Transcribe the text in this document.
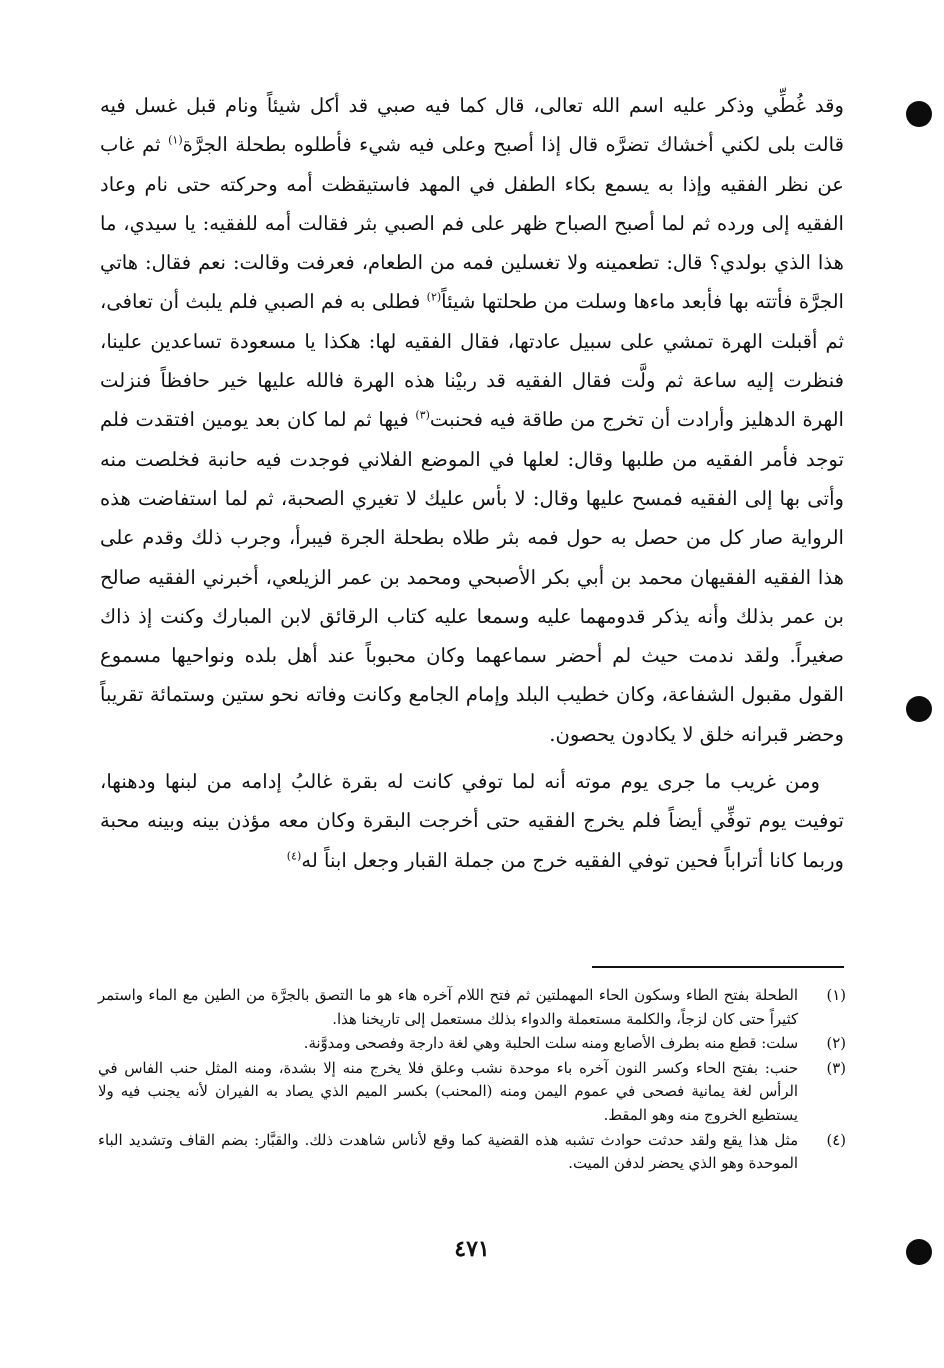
وقد غُطِّي وذكر عليه اسم الله تعالى، قال كما فيه صبي قد أكل شيئاً ونام قبل غسل فيه قالت بلى لكني أخشاك تضرَّه قال إذا أصبح وعلى فيه شيء فأطلوه بطحلة الجرَّة$^{(١)}$ ثم غاب عن نظر الفقيه وإذا به يسمع بكاء الطفل في المهد فاستيقظت أمه وحركته حتى نام وعاد الفقيه إلى ورده ثم لما أصبح الصباح ظهر على فم الصبي بثر فقالت أمه للفقيه: يا سيدي، ما هذا الذي بولدي؟ قال: تطعمينه ولا تغسلين فمه من الطعام، فعرفت وقالت: نعم فقال: هاتي الجرَّة فأتته بها فأبعد ماءها وسلت من طحلتها شيئاً$^{(٢)}$ فطلى به فم الصبي فلم يلبث أن تعافى، ثم أقبلت الهرة تمشي على سبيل عادتها، فقال الفقيه لها: هكذا يا مسعودة تساعدين علينا، فنظرت إليه ساعة ثم ولَّت فقال الفقيه قد ربيْنا هذه الهرة فالله عليها خير حافظاً فنزلت الهرة الدهليز وأرادت أن تخرج من طاقة فيه فحنبت$^{(٣)}$ فيها ثم لما كان بعد يومين افتقدت فلم توجد فأمر الفقيه من طلبها وقال: لعلها في الموضع الفلاني فوجدت فيه حانبة فخلصت منه وأتى بها إلى الفقيه فمسح عليها وقال: لا بأس عليك لا تغيري الصحبة، ثم لما استفاضت هذه الرواية صار كل من حصل به حول فمه بثر طلاه بطحلة الجرة فيبرأ، وجرب ذلك وقدم على هذا الفقيه الفقيهان محمد بن أبي بكر الأصبحي ومحمد بن عمر الزيلعي، أخبرني الفقيه صالح بن عمر بذلك وأنه يذكر قدومهما عليه وسمعا عليه كتاب الرقائق لابن المبارك وكنت إذ ذاك صغيراً. ولقد ندمت حيث لم أحضر سماعهما وكان محبوباً عند أهل بلده ونواحيها مسموع القول مقبول الشفاعة، وكان خطيب البلد وإمام الجامع وكانت وفاته نحو ستين وستمائة تقريباً وحضر قبرانه خلق لا يكادون يحصون.

ومن غريب ما جرى يوم موته أنه لما توفي كانت له بقرة غالبُ إدامه من لبنها ودهنها، توفيت يوم توفِّي أيضاً فلم يخرج الفقيه حتى أخرجت البقرة وكان معه مؤذن بينه وبينه محبة وربما كانا أتراباً فحين توفي الفقيه خرج من جملة القبار وجعل ابناً له$^{(٤)}$

(١)
الطحلة بفتح الطاء وسكون الحاء المهملتين ثم فتح اللام آخره هاء هو ما التصق بالجرَّة من الطين مع الماء واستمر كثيراً حتى كان لزجاً، والكلمة مستعملة والدواء بذلك مستعمل إلى تاريخنا هذا.
(٢)
سلت: قطع منه بطرف الأصابع ومنه سلت الحلبة وهي لغة دارجة وفصحى ومدوَّنة.
(٣)
حنب: بفتح الحاء وكسر النون آخره باء موحدة نشب وعلق فلا يخرج منه إلا بشدة، ومنه المثل حنب الفاس في الرأس لغة يمانية فصحى في عموم اليمن ومنه (المحنب) بكسر الميم الذي يصاد به الفيران لأنه يجنب فيه ولا يستطيع الخروج منه وهو المقط.
(٤)
مثل هذا يقع ولقد حدثت حوادث تشبه هذه القضية كما وقع لأناس شاهدت ذلك. والقبَّار: بضم القاف وتشديد الباء الموحدة وهو الذي يحضر لدفن الميت.
٤٧١
